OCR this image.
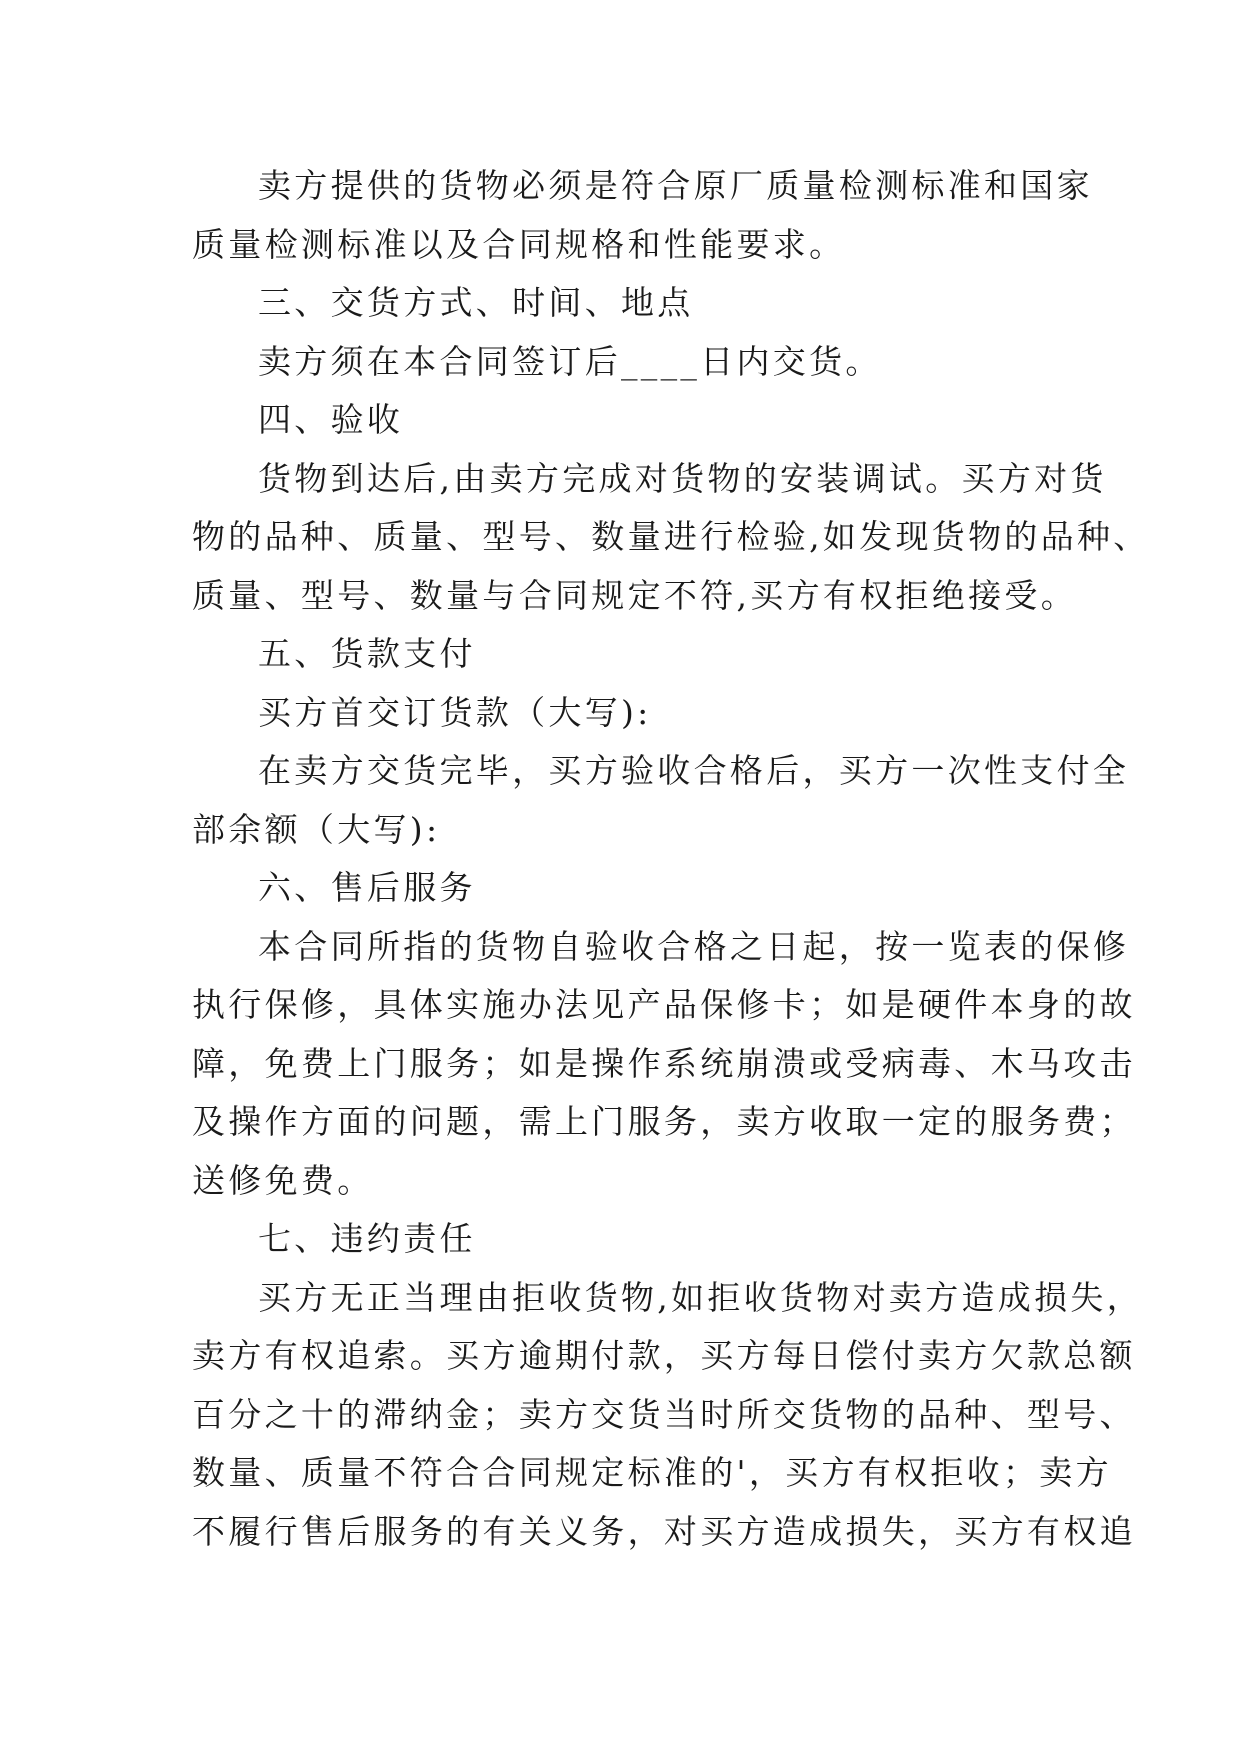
卖方提供的货物必须是符合原厂质量检测标准和国家
质量检测标准以及合同规格和性能要求。
三、交货方式、时间、地点
卖方须在本合同签订后____日内交货。
四、验收
货物到达后,由卖方完成对货物的安装调试。买方对货
物的品种、质量、型号、数量进行检验,如发现货物的品种、
质量、型号、数量与合同规定不符,买方有权拒绝接受。
五、货款支付
买方首交订货款（大写):
在卖方交货完毕，买方验收合格后，买方一次性支付全
部余额（大写):
六、售后服务
本合同所指的货物自验收合格之日起，按一览表的保修
执行保修，具体实施办法见产品保修卡；如是硬件本身的故
障，免费上门服务；如是操作系统崩溃或受病毒、木马攻击
及操作方面的问题，需上门服务，卖方收取一定的服务费；
送修免费。
七、违约责任
买方无正当理由拒收货物,如拒收货物对卖方造成损失，
卖方有权追索。买方逾期付款，买方每日偿付卖方欠款总额
百分之十的滞纳金；卖方交货当时所交货物的品种、型号、
数量、质量不符合合同规定标准的'，买方有权拒收；卖方
不履行售后服务的有关义务，对买方造成损失，买方有权追
